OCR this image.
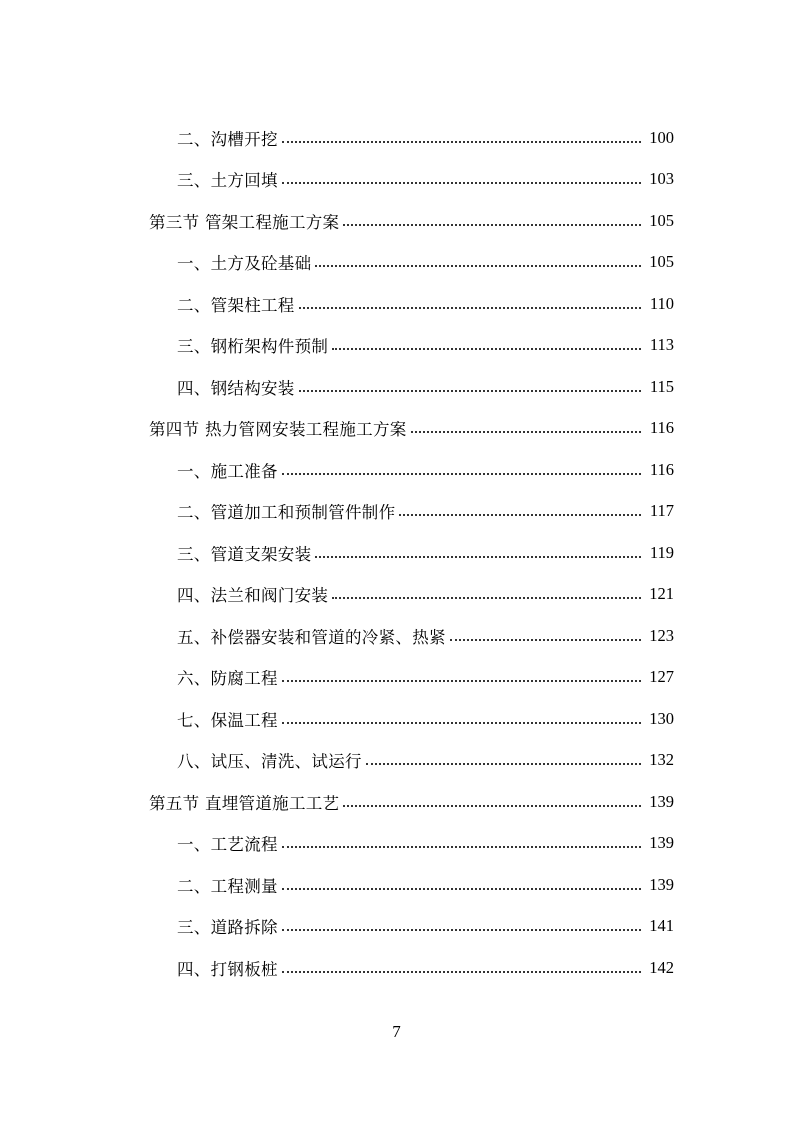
二、沟槽开挖	100
三、土方回填	103
第三节 管架工程施工方案	105
一、土方及砼基础	105
二、管架柱工程	110
三、钢桁架构件预制	113
四、钢结构安装	115
第四节 热力管网安装工程施工方案	116
一、施工准备	116
二、管道加工和预制管件制作	117
三、管道支架安装	119
四、法兰和阀门安装	121
五、补偿器安装和管道的冷紧、热紧	123
六、防腐工程	127
七、保温工程	130
八、试压、清洗、试运行	132
第五节 直埋管道施工工艺	139
一、工艺流程	139
二、工程测量	139
三、道路拆除	141
四、打钢板桩	142
7
